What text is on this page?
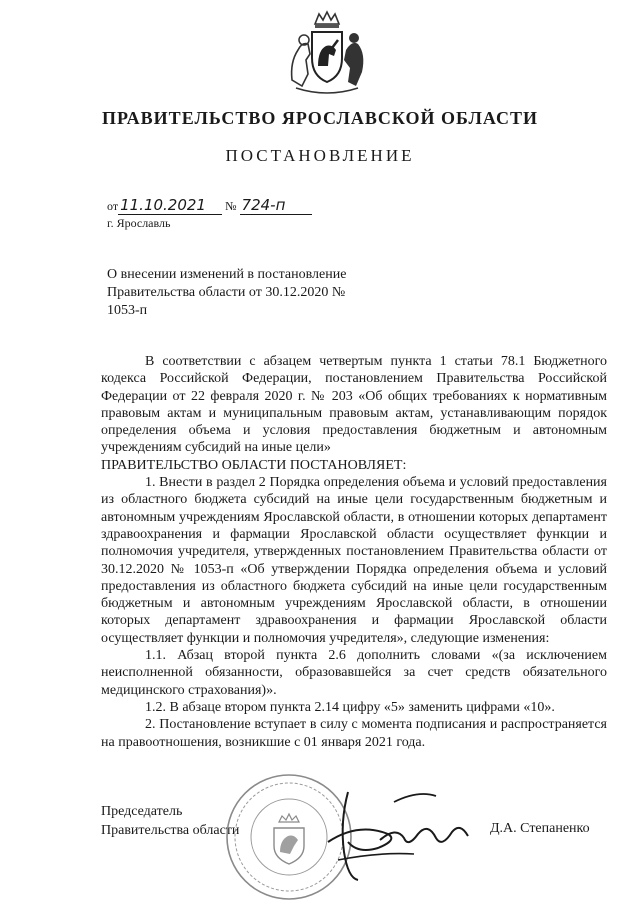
ПРАВИТЕЛЬСТВО ЯРОСЛАВСКОЙ ОБЛАСТИ
ПОСТАНОВЛЕНИЕ
от 11.10.2021 № 724-п
г. Ярославль
О внесении изменений в постановление Правительства области от 30.12.2020 № 1053-п

В соответствии с абзацем четвертым пункта 1 статьи 78.1 Бюджетного кодекса Российской Федерации, постановлением Правительства Российской Федерации от 22 февраля 2020 г. № 203 «Об общих требованиях к нормативным правовым актам и муниципальным правовым актам, устанавливающим порядок определения объема и условия предоставления бюджетным и автономным учреждениям субсидий на иные цели»

ПРАВИТЕЛЬСТВО ОБЛАСТИ ПОСТАНОВЛЯЕТ:

1. Внести в раздел 2 Порядка определения объема и условий предоставления из областного бюджета субсидий на иные цели государственным бюджетным и автономным учреждениям Ярославской области, в отношении которых департамент здравоохранения и фармации Ярославской области осуществляет функции и полномочия учредителя, утвержденных постановлением Правительства области от 30.12.2020 № 1053-п «Об утверждении Порядка определения объема и условий предоставления из областного бюджета субсидий на иные цели государственным бюджетным и автономным учреждениям Ярославской области, в отношении которых департамент здравоохранения и фармации Ярославской области осуществляет функции и полномочия учредителя», следующие изменения:

1.1. Абзац второй пункта 2.6 дополнить словами «(за исключением неисполненной обязанности, образовавшейся за счет средств обязательного медицинского страхования)».

1.2. В абзаце втором пункта 2.14 цифру «5» заменить цифрами «10».

2. Постановление вступает в силу с момента подписания и распространяется на правоотношения, возникшие с 01 января 2021 года.

Председатель
Правительства области	Д.А. Степаненко
